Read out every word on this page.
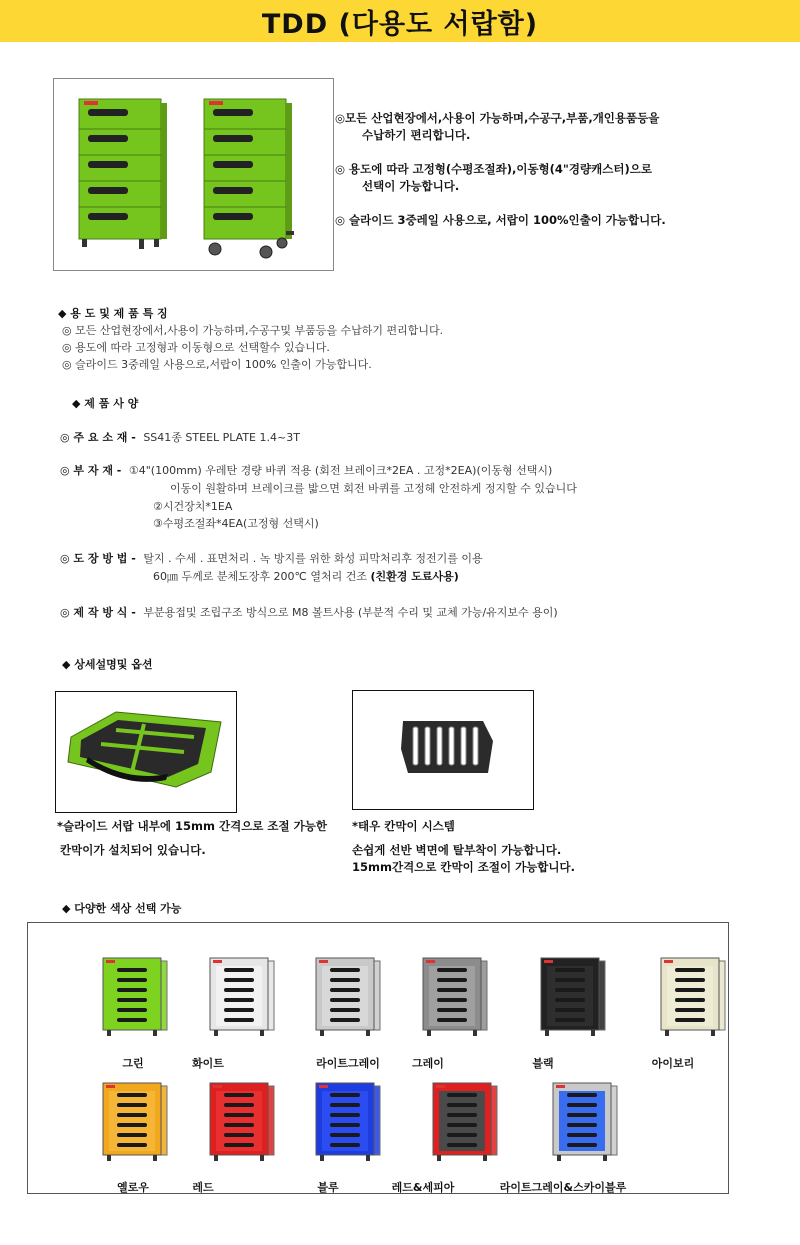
TDD (다용도 서랍함)
◎모든 산업현장에서,사용이 가능하며,수공구,부품,개인용품등을
수납하기 편리합니다.
◎ 용도에 따라 고정형(수평조절좌),이동형(4"경량캐스터)으로
선택이 가능합니다.
◎ 슬라이드 3중레일 사용으로, 서랍이 100%인출이 가능합니다.
◆ 용 도 및 제 품 특 징
◎ 모든 산업현장에서,사용이 가능하며,수공구및 부품등을 수납하기 편리합니다.
◎ 용도에 따라 고정형과 이동형으로 선택할수 있습니다.
◎ 슬라이드 3중레일 사용으로,서랍이 100% 인출이 가능합니다.
◆ 제 품 사 양
◎ 주 요 소 재 - SS41종 STEEL PLATE 1.4~3T
◎ 부 자 재 - ①4"(100mm) 우레탄 경량 바퀴 적용 (회전 브레이크*2EA . 고정*2EA)(이동형 선택시)
이동이 원활하며 브레이크를 밟으면 회전 바퀴를 고정헤 안전하게 정지할 수 있습니다
②시건장치*1EA
③수평조절좌*4EA(고정형 선택시)
◎ 도 장 방 법 - 탈지 . 수세 . 표면처리 . 녹 방지를 위한 화성 피막처리후 정전기를 이용
60㎛ 두께로 분체도장후 200℃ 열처리 건조 (친환경 도료사용)
◎ 제 작 방 식 - 부분용접및 조립구조 방식으로 M8 볼트사용 (부분적 수리 및 교체 가능/유지보수 용이)
◆ 상세설명및 옵션
*슬라이드 서랍 내부에 15mm 간격으로 조절 가능한
칸막이가 설치되어 있습니다.
*태우 칸막이 시스템
손쉽게 선반 벽면에 탈부착이 가능합니다.
15mm간격으로 칸막이 조절이 가능합니다.
◆ 다양한 색상 선택 가능
그린	화이트	라이트그레이	그레이	블랙	아이보리
옐로우	레드	블루	레드&세피아	라이트그레이&스카이블루
